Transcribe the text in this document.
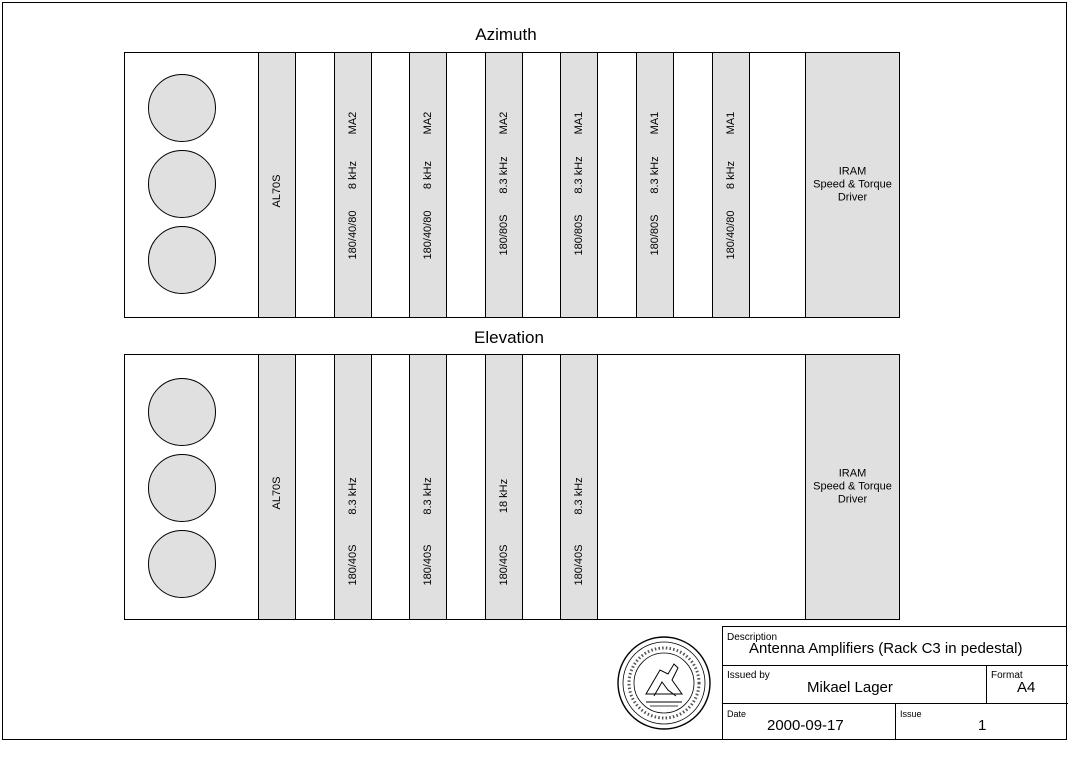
Azimuth
IRAM
Speed & Torque
Driver
AL70S
MA2
8 kHz
180/40/80
MA2
8 kHz
180/40/80
MA2
8.3 kHz
180/80S
MA1
8.3 kHz
180/80S
MA1
8.3 kHz
180/80S
MA1
8 kHz
180/40/80
Elevation
IRAM
Speed & Torque
Driver
AL70S	8.3 kHz
180/40S
8.3 kHz
180/40S
18 kHz
180/40S
8.3 kHz
180/40S
Description
Antenna Amplifiers (Rack C3 in pedestal)
Issued by
Mikael Lager
Format
A4
Date
2000-09-17
Issue
1
